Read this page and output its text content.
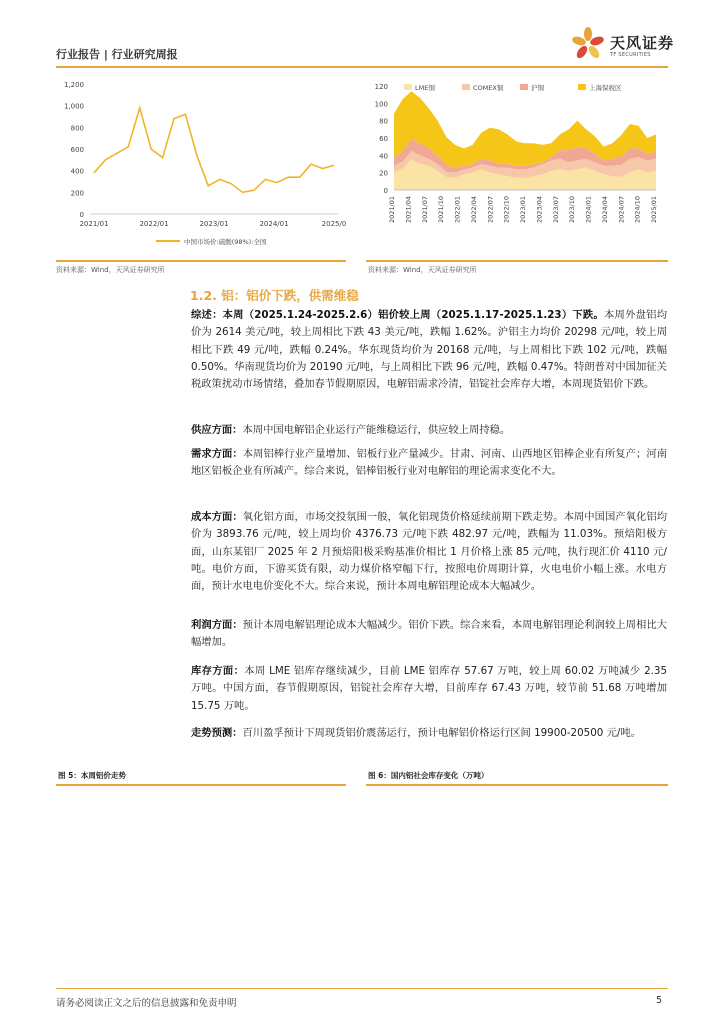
行业报告 | 行业研究周报
天风证券
TF SECURITIES
0
200
400
600
800
1,000
1,200
2021/01	2022/01	2023/01	2024/01	2025/0
中国市场价:硫酸(98%):全国
0
20
40
60
80
100
120	LME铜	COMEX铜	沪铜	上海保税区
2021/01 2021/04 2021/07 2021/10 2022/01 2022/04 2022/07 2022/10 2023/01 2023/04 2023/07 2023/10 2024/01 2024/04 2024/07 2024/10 2025/01
资料来源：Wind，天风证券研究所	资料来源：Wind，天风证券研究所
1.2. 铝：铝价下跌，供需维稳
综述：本周（2025.1.24-2025.2.6）铝价较上周（2025.1.17-2025.1.23）下跌。本周外盘铝均价为 2614 美元/吨，较上周相比下跌 43 美元/吨，跌幅 1.62%。沪铝主力均价 20298 元/吨，较上周相比下跌 49 元/吨，跌幅 0.24%。华东现货均价为 20168 元/吨，与上周相比下跌 102 元/吨，跌幅 0.50%。华南现货均价为 20190 元/吨，与上周相比下跌 96 元/吨，跌幅 0.47%。特朗普对中国加征关税政策扰动市场情绪，叠加春节假期原因，电解铝需求冷清，铝锭社会库存大增，本周现货铝价下跌。
供应方面：本周中国电解铝企业运行产能维稳运行，供应较上周持稳。
需求方面：本周铝棒行业产量增加、铝板行业产量减少。甘肃、河南、山西地区铝棒企业有所复产；河南地区铝板企业有所减产。综合来说，铝棒铝板行业对电解铝的理论需求变化不大。
成本方面：氧化铝方面，市场交投氛围一般，氧化铝现货价格延续前期下跌走势。本周中国国产氧化铝均价为 3893.76 元/吨，较上周均价 4376.73 元/吨下跌 482.97 元/吨，跌幅为 11.03%。预焙阳极方面，山东某铝厂 2025 年 2 月预焙阳极采购基准价相比 1 月价格上涨 85 元/吨，执行现汇价 4110 元/吨。电价方面，下游买货有限，动力煤价格窄幅下行，按照电价周期计算，火电电价小幅上涨。水电方面，预计水电电价变化不大。综合来说，预计本周电解铝理论成本大幅减少。
利润方面：预计本周电解铝理论成本大幅减少。铝价下跌。综合来看，本周电解铝理论利润较上周相比大幅增加。
库存方面：本周 LME 铝库存继续减少，目前 LME 铝库存 57.67 万吨，较上周 60.02 万吨减少 2.35 万吨。中国方面，春节假期原因，铝锭社会库存大增，目前库存 67.43 万吨，较节前 51.68 万吨增加 15.75 万吨。
走势预测：百川盈孚预计下周现货铝价震荡运行，预计电解铝价格运行区间 19900-20500 元/吨。
图 5：本周铝价走势	图 6：国内铝社会库存变化（万吨）
请务必阅读正文之后的信息披露和免责申明	5
